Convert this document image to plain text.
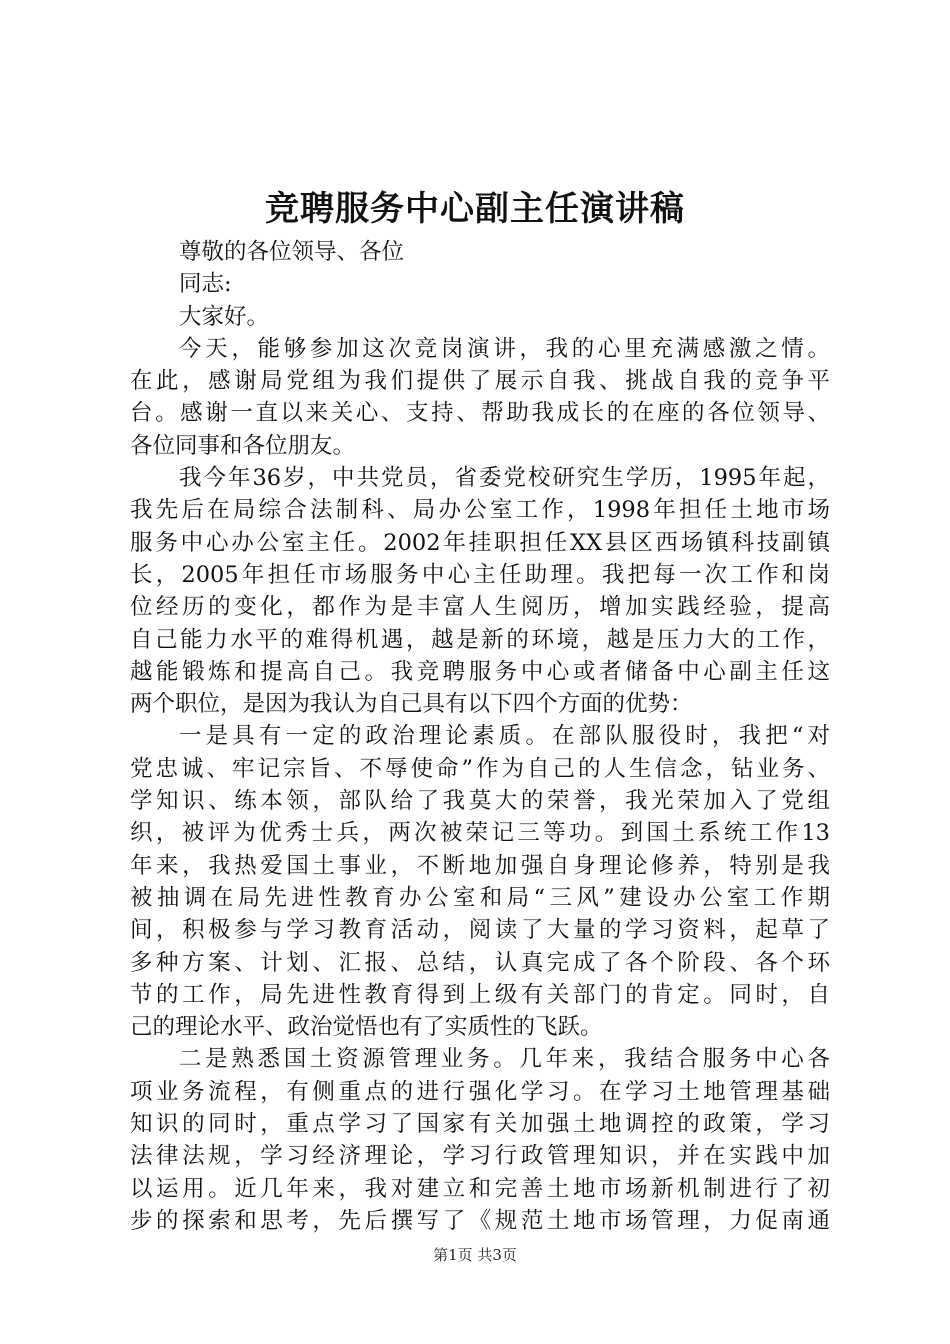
竞聘服务中心副主任演讲稿
尊敬的各位领导、各位
同志:
大家好。
今天，能够参加这次竞岗演讲，我的心里充满感激之情。
在此，感谢局党组为我们提供了展示自我、挑战自我的竞争平
台。感谢一直以来关心、支持、帮助我成长的在座的各位领导、
各位同事和各位朋友。
我今年36岁，中共党员，省委党校研究生学历，1995年起，
我先后在局综合法制科、局办公室工作，1998年担任土地市场
服务中心办公室主任。2002年挂职担任XX县区西场镇科技副镇
长，2005年担任市场服务中心主任助理。我把每一次工作和岗
位经历的变化，都作为是丰富人生阅历，增加实践经验，提高
自己能力水平的难得机遇，越是新的环境，越是压力大的工作，
越能锻炼和提高自己。我竞聘服务中心或者储备中心副主任这
两个职位，是因为我认为自己具有以下四个方面的优势：
一是具有一定的政治理论素质。在部队服役时，我把“对
党忠诚、牢记宗旨、不辱使命”作为自己的人生信念，钻业务、
学知识、练本领，部队给了我莫大的荣誉，我光荣加入了党组
织，被评为优秀士兵，两次被荣记三等功。到国土系统工作13
年来，我热爱国土事业，不断地加强自身理论修养，特别是我
被抽调在局先进性教育办公室和局“三风”建设办公室工作期
间，积极参与学习教育活动，阅读了大量的学习资料，起草了
多种方案、计划、汇报、总结，认真完成了各个阶段、各个环
节的工作，局先进性教育得到上级有关部门的肯定。同时，自
己的理论水平、政治觉悟也有了实质性的飞跃。
二是熟悉国土资源管理业务。几年来，我结合服务中心各
项业务流程，有侧重点的进行强化学习。在学习土地管理基础
知识的同时，重点学习了国家有关加强土地调控的政策，学习
法律法规，学习经济理论，学习行政管理知识，并在实践中加
以运用。近几年来，我对建立和完善土地市场新机制进行了初
步的探索和思考，先后撰写了《规范土地市场管理，力促南通
第1页 共3页
